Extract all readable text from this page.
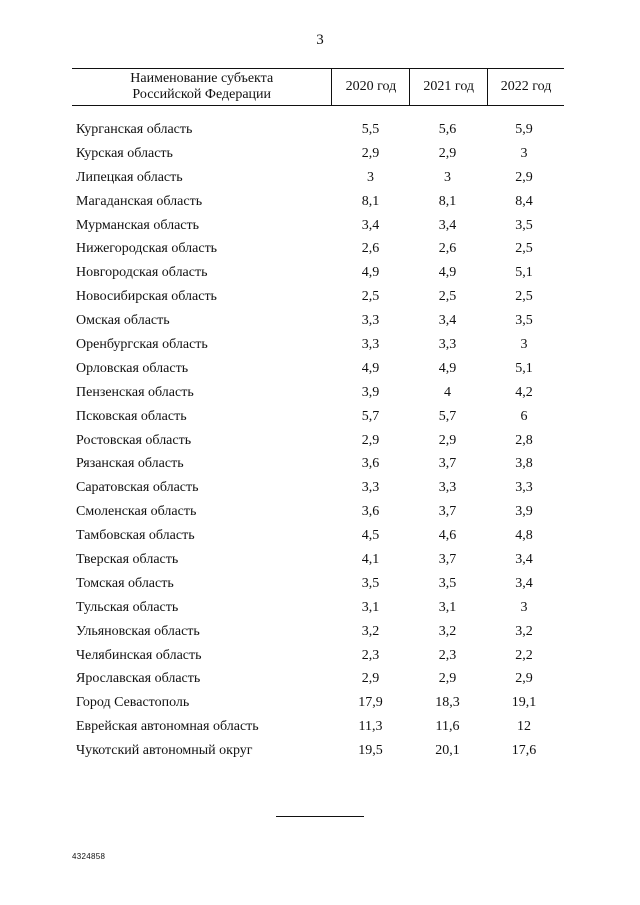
3
Наименование субъекта
Российской Федерации
2020 год	2021 год	2022 год
Курганская область	5,5	5,6	5,9
Курская область	2,9	2,9	3
Липецкая область	3	3	2,9
Магаданская область	8,1	8,1	8,4
Мурманская область	3,4	3,4	3,5
Нижегородская область	2,6	2,6	2,5
Новгородская область	4,9	4,9	5,1
Новосибирская область	2,5	2,5	2,5
Омская область	3,3	3,4	3,5
Оренбургская область	3,3	3,3	3
Орловская область	4,9	4,9	5,1
Пензенская область	3,9	4	4,2
Псковская область	5,7	5,7	6
Ростовская область	2,9	2,9	2,8
Рязанская область	3,6	3,7	3,8
Саратовская область	3,3	3,3	3,3
Смоленская область	3,6	3,7	3,9
Тамбовская область	4,5	4,6	4,8
Тверская область	4,1	3,7	3,4
Томская область	3,5	3,5	3,4
Тульская область	3,1	3,1	3
Ульяновская область	3,2	3,2	3,2
Челябинская область	2,3	2,3	2,2
Ярославская область	2,9	2,9	2,9
Город Севастополь	17,9	18,3	19,1
Еврейская автономная область	11,3	11,6	12
Чукотский автономный округ	19,5	20,1	17,6
4324858
